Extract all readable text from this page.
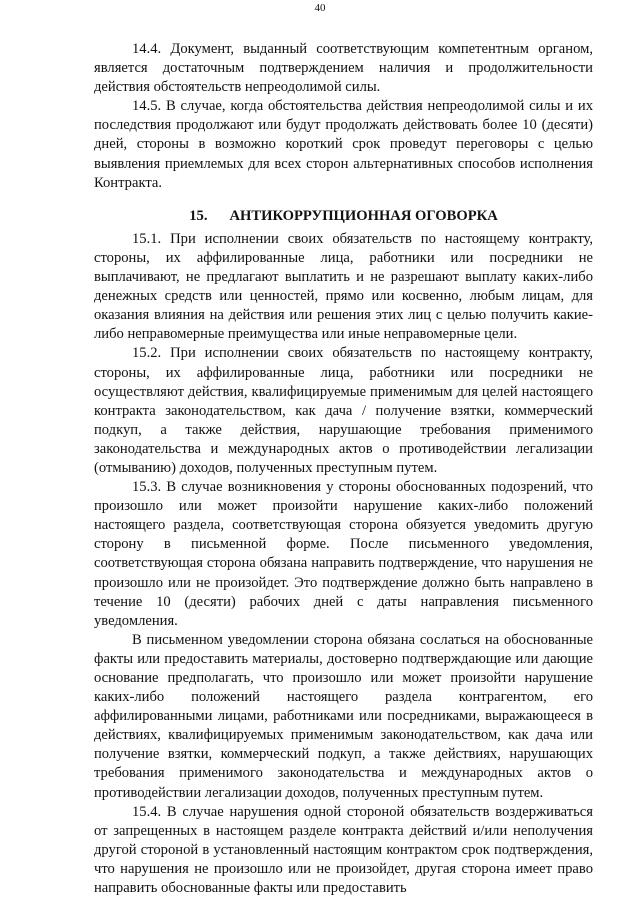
40

14.4. Документ, выданный соответствующим компетентным органом, является достаточным подтверждением наличия и продолжительности действия обстоятельств непреодолимой силы.

14.5. В случае, когда обстоятельства действия непреодолимой силы и их последствия продолжают или будут продолжать действовать более 10 (десяти) дней, стороны в возможно короткий срок проведут переговоры с целью выявления приемлемых для всех сторон альтернативных способов исполнения Контракта.

15. АНТИКОРРУПЦИОННАЯ ОГОВОРКА

15.1. При исполнении своих обязательств по настоящему контракту, стороны, их аффилированные лица, работники или посредники не выплачивают, не предлагают выплатить и не разрешают выплату каких-либо денежных средств или ценностей, прямо или косвенно, любым лицам, для оказания влияния на действия или решения этих лиц с целью получить какие-либо неправомерные преимущества или иные неправомерные цели.

15.2. При исполнении своих обязательств по настоящему контракту, стороны, их аффилированные лица, работники или посредники не осуществляют действия, квалифицируемые применимым для целей настоящего контракта законодательством, как дача / получение взятки, коммерческий подкуп, а также действия, нарушающие требования применимого законодательства и международных актов о противодействии легализации (отмыванию) доходов, полученных преступным путем.

15.3. В случае возникновения у стороны обоснованных подозрений, что произошло или может произойти нарушение каких-либо положений настоящего раздела, соответствующая сторона обязуется уведомить другую сторону в письменной форме. После письменного уведомления, соответствующая сторона обязана направить подтверждение, что нарушения не произошло или не произойдет. Это подтверждение должно быть направлено в течение 10 (десяти) рабочих дней с даты направления письменного уведомления.

В письменном уведомлении сторона обязана сослаться на обоснованные факты или предоставить материалы, достоверно подтверждающие или дающие основание предполагать, что произошло или может произойти нарушение каких-либо положений настоящего раздела контрагентом, его аффилированными лицами, работниками или посредниками, выражающееся в действиях, квалифицируемых применимым законодательством, как дача или получение взятки, коммерческий подкуп, а также действиях, нарушающих требования применимого законодательства и международных актов о противодействии легализации доходов, полученных преступным путем.

15.4. В случае нарушения одной стороной обязательств воздерживаться от запрещенных в настоящем разделе контракта действий и/или неполучения другой стороной в установленный настоящим контрактом срок подтверждения, что нарушения не произошло или не произойдет, другая сторона имеет право направить обоснованные факты или предоставить
